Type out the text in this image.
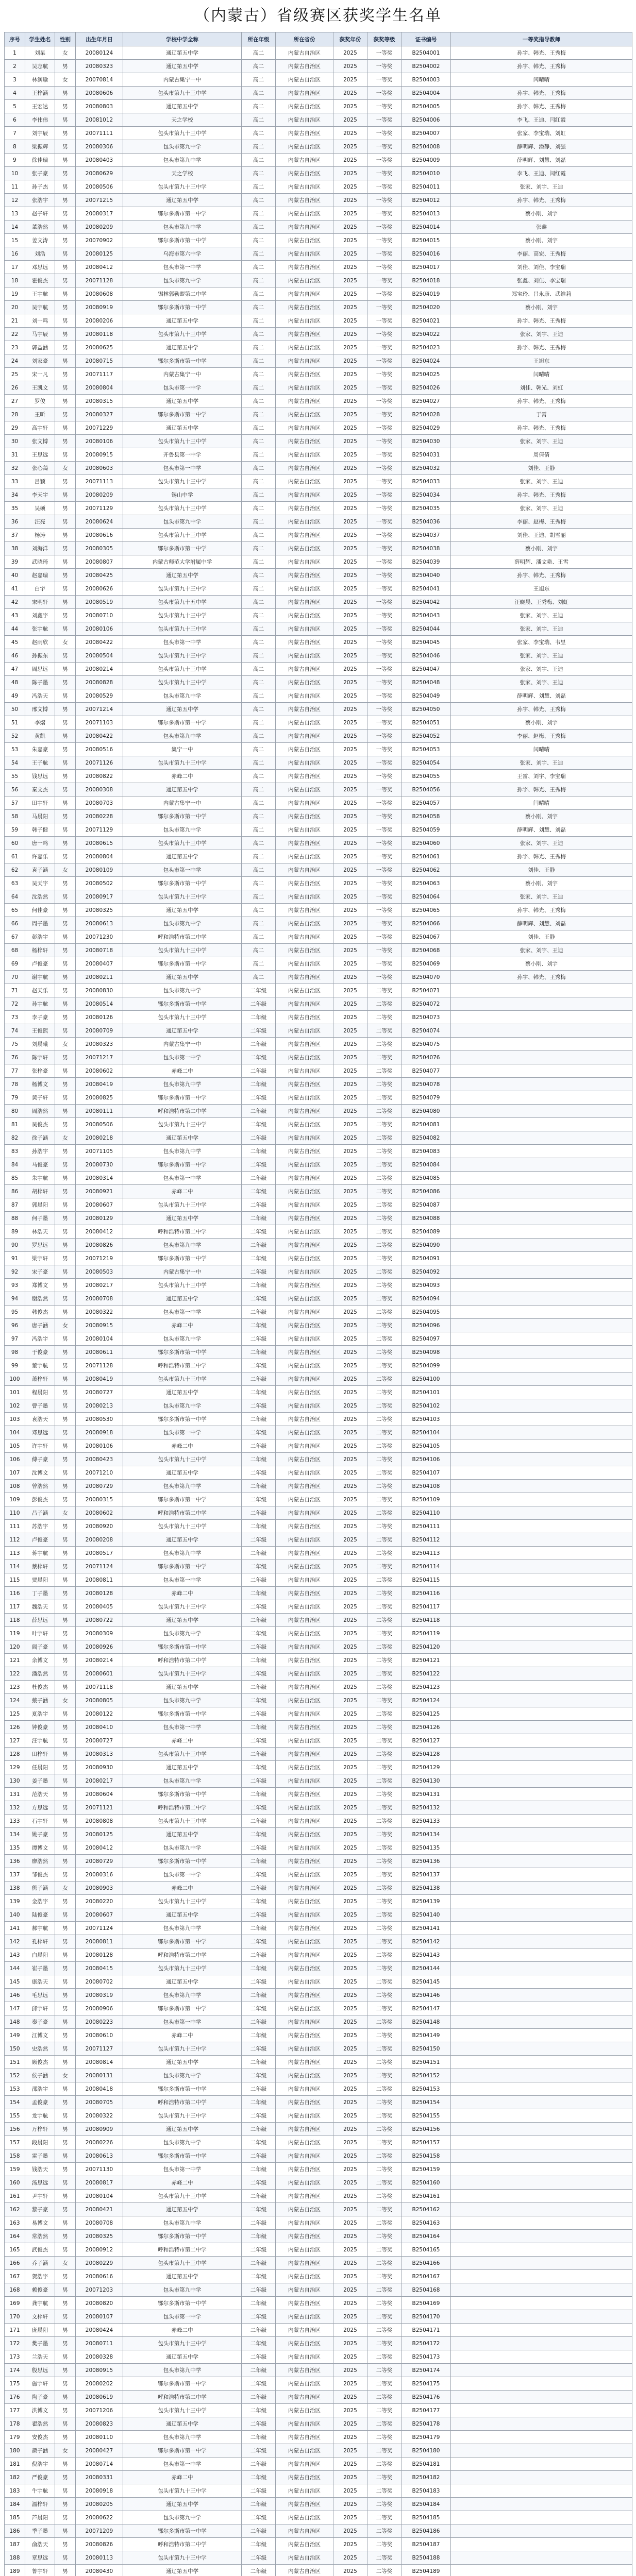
（内蒙古）省级赛区获奖学生名单
序号	学生姓名	性别	出生年月日	学校中学全称	所在年级	所在省份	获奖年份	获奖等级	证书编号	一等奖指导教师
1	刘杲	女	20080124	通辽第五中学	高二	内蒙古自治区	2025	一等奖	B2504001	孙宇、韩光、王秀梅
2	吴志航	男	20080323	通辽第五中学	高二	内蒙古自治区	2025	一等奖	B2504002	孙宇、韩光、王秀梅
3	林润瑜	女	20070814	内蒙古集宁一中	高二	内蒙古自治区	2025	一等奖	B2504003	闫晴晴
4	王梓涵	男	20080606	包头市第九十三中学	高二	内蒙古自治区	2025	一等奖	B2504004	孙宇、韩光、王秀梅
5	王宏达	男	20080803	通辽第五中学	高二	内蒙古自治区	2025	一等奖	B2504005	孙宇、韩光、王秀梅
6	李伟伟	男	20081012	天之学校	高二	内蒙古自治区	2025	一等奖	B2504006	李飞、王迪、闫红霞
7	刘宇辰	男	20071111	包头市第九十三中学	高二	内蒙古自治区	2025	一等奖	B2504007	张家、李宝瑞、刘虹
8	梁振辉	男	20080306	包头市第九中学	高二	内蒙古自治区	2025	一等奖	B2504008	薛明辉、潘静、刘强
9	徐佳瑞	男	20080403	包头市第九中学	高二	内蒙古自治区	2025	一等奖	B2504009	薛明辉、刘慧、刘磊
10	张子豪	男	20080629	天之学校	高二	内蒙古自治区	2025	一等奖	B2504010	李飞、王迪、闫红霞
11	孙子杰	男	20080506	包头市第九十三中学	高二	内蒙古自治区	2025	一等奖	B2504011	张家、刘宇、王迪
12	张浩宇	男	20071215	通辽第五中学	高二	内蒙古自治区	2025	一等奖	B2504012	孙宇、韩光、王秀梅
13	赵子轩	男	20080317	鄂尔多斯市第一中学	高二	内蒙古自治区	2025	一等奖	B2504013	蔡小刚、刘宇
14	董浩然	男	20080209	包头市第九中学	高二	内蒙古自治区	2025	一等奖	B2504014	张鑫
15	姜文涛	男	20070902	鄂尔多斯市第一中学	高二	内蒙古自治区	2025	一等奖	B2504015	蔡小刚、刘宇
16	刘浩	男	20080125	乌海市第六中学	高二	内蒙古自治区	2025	一等奖	B2504016	李丽、高宏、王秀梅
17	邓思远	男	20080412	包头市第一中学	高二	内蒙古自治区	2025	一等奖	B2504017	刘佳、刘佳、李宝瑞
18	霍俊杰	男	20071128	包头市第九中学	高二	内蒙古自治区	2025	一等奖	B2504018	张鑫、刘佳、李宝瑞
19	王宇航	男	20080608	锡林郭勒盟第二中学	高二	内蒙古自治区	2025	一等奖	B2504019	郑宝玲、吕永康、武维莉
20	吴宇航	男	20080919	鄂尔多斯市第一中学	高二	内蒙古自治区	2025	一等奖	B2504020	蔡小刚、刘宇
21	刘一鸣	男	20080206	通辽第五中学	高二	内蒙古自治区	2025	一等奖	B2504021	孙宇、韩光、王秀梅
22	马宇辰	男	20080118	包头市第九十三中学	高二	内蒙古自治区	2025	一等奖	B2504022	张家、刘宇、王迪
23	郭益涵	男	20080625	通辽第五中学	高二	内蒙古自治区	2025	一等奖	B2504023	孙宇、韩光、王秀梅
24	刘家豪	男	20080715	鄂尔多斯市第一中学	高二	内蒙古自治区	2025	一等奖	B2504024	王旭东
25	宋一凡	男	20071117	内蒙古集宁一中	高二	内蒙古自治区	2025	一等奖	B2504025	闫晴晴
26	王凯文	男	20080804	包头市第一中学	高二	内蒙古自治区	2025	一等奖	B2504026	刘佳、韩光、刘虹
27	罗俊	男	20080315	通辽第五中学	高二	内蒙古自治区	2025	一等奖	B2504027	孙宇、韩光、王秀梅
28	王昕	男	20080327	鄂尔多斯市第一中学	高二	内蒙古自治区	2025	一等奖	B2504028	于霄
29	高宇轩	男	20071229	通辽第五中学	高二	内蒙古自治区	2025	一等奖	B2504029	孙宇、韩光、王秀梅
30	张文博	男	20080106	包头市第九十三中学	高二	内蒙古自治区	2025	一等奖	B2504030	张家、刘宇、王迪
31	王思远	男	20080915	开鲁县第一中学	高二	内蒙古自治区	2025	一等奖	B2504031	周倩倩
32	张心蔼	女	20080603	包头市第一中学	高二	内蒙古自治区	2025	一等奖	B2504032	刘佳、王静
33	吕颖	男	20071113	包头市第九十三中学	高二	内蒙古自治区	2025	一等奖	B2504033	张家、刘宇、王迪
34	李天宇	男	20080209	锡山中学	高二	内蒙古自治区	2025	一等奖	B2504034	孙宇、韩光、王秀梅
35	吴硕	男	20071129	包头市第九十三中学	高二	内蒙古自治区	2025	一等奖	B2504035	张家、刘宇、王迪
36	汪亮	男	20080624	包头市第九中学	高二	内蒙古自治区	2025	一等奖	B2504036	李丽、赵梅、王秀梅
37	杨涛	男	20080616	包头市第九十三中学	高二	内蒙古自治区	2025	一等奖	B2504037	刘佳、王迪、胡雪丽
38	刘海洋	男	20080305	鄂尔多斯市第一中学	高二	内蒙古自治区	2025	一等奖	B2504038	蔡小刚、刘宇
39	武晓琦	男	20080807	内蒙古师范大学附属中学	高二	内蒙古自治区	2025	一等奖	B2504039	薛明辉、潘文艳、王雪
40	赵嘉瑞	男	20080425	通辽第五中学	高二	内蒙古自治区	2025	一等奖	B2504040	孙宇、韩光、王秀梅
41	白宇	男	20080626	包头市第九十三中学	高二	内蒙古自治区	2025	一等奖	B2504041	王旭东
42	宋明轩	男	20080519	包头市第九十五中学	高二	内蒙古自治区	2025	一等奖	B2504042	汪晓晨、王秀梅、刘虹
43	刘鑫宇	男	20080710	包头市第九十三中学	高二	内蒙古自治区	2025	一等奖	B2504043	张家、刘宇、王迪
44	张宇航	男	20080106	包头市第九十三中学	高二	内蒙古自治区	2025	一等奖	B2504044	张家、刘宇、王迪
45	赵雨欣	女	20080422	包头市第一中学	高二	内蒙古自治区	2025	一等奖	B2504045	张家、李宝瑞、韦昱
46	孙振东	男	20080504	包头市第九十三中学	高二	内蒙古自治区	2025	一等奖	B2504046	张家、刘宇、王迪
47	周思远	男	20080214	包头市第九十三中学	高二	内蒙古自治区	2025	一等奖	B2504047	张家、刘宇、王迪
48	陈子墨	男	20080828	包头市第九十三中学	高二	内蒙古自治区	2025	一等奖	B2504048	张家、刘宇、王迪
49	冯浩天	男	20080529	包头市第九中学	高二	内蒙古自治区	2025	一等奖	B2504049	薛明辉、刘慧、刘磊
50	邢文博	男	20071214	通辽第五中学	高二	内蒙古自治区	2025	一等奖	B2504050	孙宇、韩光、王秀梅
51	李熠	男	20071103	鄂尔多斯市第一中学	高二	内蒙古自治区	2025	一等奖	B2504051	蔡小刚、刘宇
52	黄凯	男	20080422	包头市第九中学	高二	内蒙古自治区	2025	一等奖	B2504052	李丽、赵梅、王秀梅
53	朱嘉豪	男	20080516	集宁一中	高二	内蒙古自治区	2025	一等奖	B2504053	闫晴晴
54	王子航	男	20071126	包头市第九十三中学	高二	内蒙古自治区	2025	一等奖	B2504054	张家、刘宇、王迪
55	钱思远	男	20080822	赤峰二中	高二	内蒙古自治区	2025	一等奖	B2504055	王雷、刘宇、李宝瑞
56	秦文杰	男	20080308	通辽第五中学	高二	内蒙古自治区	2025	一等奖	B2504056	孙宇、韩光、王秀梅
57	田宇轩	男	20080703	内蒙古集宁一中	高二	内蒙古自治区	2025	一等奖	B2504057	闫晴晴
58	马晨阳	男	20080228	鄂尔多斯市第一中学	高二	内蒙古自治区	2025	一等奖	B2504058	蔡小刚、刘宇
59	韩子健	男	20071129	包头市第九中学	高二	内蒙古自治区	2025	一等奖	B2504059	薛明辉、刘慧、刘磊
60	唐一鸣	男	20080615	包头市第九十三中学	高二	内蒙古自治区	2025	一等奖	B2504060	张家、刘宇、王迪
61	许嘉乐	男	20080804	通辽第五中学	高二	内蒙古自治区	2025	一等奖	B2504061	孙宇、韩光、王秀梅
62	袁子涵	女	20080109	包头市第一中学	高二	内蒙古自治区	2025	一等奖	B2504062	刘佳、王静
63	吴天宇	男	20080502	鄂尔多斯市第一中学	高二	内蒙古自治区	2025	一等奖	B2504063	蔡小刚、刘宇
64	沈浩然	男	20080917	包头市第九十三中学	高二	内蒙古自治区	2025	一等奖	B2504064	张家、刘宇、王迪
65	何佳豪	男	20080325	通辽第五中学	高二	内蒙古自治区	2025	一等奖	B2504065	孙宇、韩光、王秀梅
66	周子墨	男	20080613	包头市第九中学	高二	内蒙古自治区	2025	一等奖	B2504066	薛明辉、刘慧、刘磊
67	彭浩宇	男	20071230	呼和浩特市第二中学	高二	内蒙古自治区	2025	一等奖	B2504067	刘佳、王静
68	杨梓轩	男	20080718	包头市第九十三中学	高二	内蒙古自治区	2025	一等奖	B2504068	张家、刘宇、王迪
69	卢俊豪	男	20080407	鄂尔多斯市第一中学	高二	内蒙古自治区	2025	一等奖	B2504069	蔡小刚、刘宇
70	谢宇航	男	20080211	通辽第五中学	高二	内蒙古自治区	2025	一等奖	B2504070	孙宇、韩光、王秀梅
71	赵天乐	男	20080830	包头市第九中学	二年级	内蒙古自治区	2025	二等奖	B2504071	
72	孙宇航	男	20080514	鄂尔多斯市第一中学	二年级	内蒙古自治区	2025	二等奖	B2504072	
73	李子豪	男	20080126	包头市第九十三中学	二年级	内蒙古自治区	2025	二等奖	B2504073	
74	王俊熙	男	20080709	通辽第五中学	二年级	内蒙古自治区	2025	二等奖	B2504074	
75	刘晨曦	女	20080323	内蒙古集宁一中	二年级	内蒙古自治区	2025	二等奖	B2504075	
76	陈宇轩	男	20071217	包头市第一中学	二年级	内蒙古自治区	2025	二等奖	B2504076	
77	张梓豪	男	20080602	赤峰二中	二年级	内蒙古自治区	2025	二等奖	B2504077	
78	杨博文	男	20080419	包头市第九中学	二年级	内蒙古自治区	2025	二等奖	B2504078	
79	黄子轩	男	20080825	鄂尔多斯市第一中学	二年级	内蒙古自治区	2025	二等奖	B2504079	
80	周浩然	男	20080111	呼和浩特市第二中学	二年级	内蒙古自治区	2025	二等奖	B2504080	
81	吴俊杰	男	20080506	包头市第九十三中学	二年级	内蒙古自治区	2025	二等奖	B2504081	
82	徐子涵	女	20080218	通辽第五中学	二年级	内蒙古自治区	2025	二等奖	B2504082	
83	孙浩宇	男	20071105	包头市第九中学	二年级	内蒙古自治区	2025	二等奖	B2504083	
84	马俊豪	男	20080730	鄂尔多斯市第一中学	二年级	内蒙古自治区	2025	二等奖	B2504084	
85	朱宇航	男	20080314	包头市第一中学	二年级	内蒙古自治区	2025	二等奖	B2504085	
86	胡梓轩	男	20080921	赤峰二中	二年级	内蒙古自治区	2025	二等奖	B2504086	
87	郭晨阳	男	20080607	包头市第九十三中学	二年级	内蒙古自治区	2025	二等奖	B2504087	
88	何子墨	男	20080129	通辽第五中学	二年级	内蒙古自治区	2025	二等奖	B2504088	
89	林浩天	男	20080412	呼和浩特市第二中学	二年级	内蒙古自治区	2025	二等奖	B2504089	
90	罗思远	男	20080826	包头市第九中学	二年级	内蒙古自治区	2025	二等奖	B2504090	
91	梁宇轩	男	20071219	鄂尔多斯市第一中学	二年级	内蒙古自治区	2025	二等奖	B2504091	
92	宋子豪	男	20080503	内蒙古集宁一中	二年级	内蒙古自治区	2025	二等奖	B2504092	
93	郑博文	男	20080217	包头市第九十三中学	二年级	内蒙古自治区	2025	二等奖	B2504093	
94	谢浩然	男	20080708	通辽第五中学	二年级	内蒙古自治区	2025	二等奖	B2504094	
95	韩俊杰	男	20080322	包头市第一中学	二年级	内蒙古自治区	2025	二等奖	B2504095	
96	唐子涵	女	20080915	赤峰二中	二年级	内蒙古自治区	2025	二等奖	B2504096	
97	冯浩宇	男	20080104	包头市第九中学	二年级	内蒙古自治区	2025	二等奖	B2504097	
98	于俊豪	男	20080611	鄂尔多斯市第一中学	二年级	内蒙古自治区	2025	二等奖	B2504098	
99	董宇航	男	20071128	呼和浩特市第二中学	二年级	内蒙古自治区	2025	二等奖	B2504099	
100	萧梓轩	男	20080419	包头市第九十三中学	二年级	内蒙古自治区	2025	二等奖	B2504100	
101	程晨阳	男	20080727	通辽第五中学	二年级	内蒙古自治区	2025	二等奖	B2504101	
102	曹子墨	男	20080213	包头市第九中学	二年级	内蒙古自治区	2025	二等奖	B2504102	
103	袁浩天	男	20080530	鄂尔多斯市第一中学	二年级	内蒙古自治区	2025	二等奖	B2504103	
104	邓思远	男	20080918	包头市第一中学	二年级	内蒙古自治区	2025	二等奖	B2504104	
105	许宇轩	男	20080106	赤峰二中	二年级	内蒙古自治区	2025	二等奖	B2504105	
106	傅子豪	男	20080423	包头市第九十三中学	二年级	内蒙古自治区	2025	二等奖	B2504106	
107	沈博文	男	20071210	通辽第五中学	二年级	内蒙古自治区	2025	二等奖	B2504107	
108	曾浩然	男	20080729	包头市第九中学	二年级	内蒙古自治区	2025	二等奖	B2504108	
109	彭俊杰	男	20080315	鄂尔多斯市第一中学	二年级	内蒙古自治区	2025	二等奖	B2504109	
110	吕子涵	女	20080602	呼和浩特市第二中学	二年级	内蒙古自治区	2025	二等奖	B2504110	
111	苏浩宇	男	20080920	包头市第九十三中学	二年级	内蒙古自治区	2025	二等奖	B2504111	
112	卢俊豪	男	20080208	通辽第五中学	二年级	内蒙古自治区	2025	二等奖	B2504112	
113	蒋宇航	男	20080517	包头市第九中学	二年级	内蒙古自治区	2025	二等奖	B2504113	
114	蔡梓轩	男	20071124	鄂尔多斯市第一中学	二年级	内蒙古自治区	2025	二等奖	B2504114	
115	贾晨阳	男	20080811	包头市第一中学	二年级	内蒙古自治区	2025	二等奖	B2504115	
116	丁子墨	男	20080128	赤峰二中	二年级	内蒙古自治区	2025	二等奖	B2504116	
117	魏浩天	男	20080405	包头市第九十三中学	二年级	内蒙古自治区	2025	二等奖	B2504117	
118	薛思远	男	20080722	通辽第五中学	二年级	内蒙古自治区	2025	二等奖	B2504118	
119	叶宇轩	男	20080309	包头市第九中学	二年级	内蒙古自治区	2025	二等奖	B2504119	
120	阎子豪	男	20080926	鄂尔多斯市第一中学	二年级	内蒙古自治区	2025	二等奖	B2504120	
121	余博文	男	20080214	呼和浩特市第二中学	二年级	内蒙古自治区	2025	二等奖	B2504121	
122	潘浩然	男	20080601	包头市第九十三中学	二年级	内蒙古自治区	2025	二等奖	B2504122	
123	杜俊杰	男	20071118	通辽第五中学	二年级	内蒙古自治区	2025	二等奖	B2504123	
124	戴子涵	女	20080805	包头市第九中学	二年级	内蒙古自治区	2025	二等奖	B2504124	
125	夏浩宇	男	20080122	鄂尔多斯市第一中学	二年级	内蒙古自治区	2025	二等奖	B2504125	
126	钟俊豪	男	20080410	包头市第一中学	二年级	内蒙古自治区	2025	二等奖	B2504126	
127	汪宇航	男	20080727	赤峰二中	二年级	内蒙古自治区	2025	二等奖	B2504127	
128	田梓轩	男	20080313	包头市第九十三中学	二年级	内蒙古自治区	2025	二等奖	B2504128	
129	任晨阳	男	20080930	通辽第五中学	二年级	内蒙古自治区	2025	二等奖	B2504129	
130	姜子墨	男	20080217	包头市第九中学	二年级	内蒙古自治区	2025	二等奖	B2504130	
131	范浩天	男	20080604	鄂尔多斯市第一中学	二年级	内蒙古自治区	2025	二等奖	B2504131	
132	方思远	男	20071121	呼和浩特市第二中学	二年级	内蒙古自治区	2025	二等奖	B2504132	
133	石宇轩	男	20080808	包头市第九十三中学	二年级	内蒙古自治区	2025	二等奖	B2504133	
134	姚子豪	男	20080125	通辽第五中学	二年级	内蒙古自治区	2025	二等奖	B2504134	
135	谭博文	男	20080412	包头市第九中学	二年级	内蒙古自治区	2025	二等奖	B2504135	
136	廖浩然	男	20080729	鄂尔多斯市第一中学	二年级	内蒙古自治区	2025	二等奖	B2504136	
137	邹俊杰	男	20080316	包头市第一中学	二年级	内蒙古自治区	2025	二等奖	B2504137	
138	熊子涵	女	20080903	赤峰二中	二年级	内蒙古自治区	2025	二等奖	B2504138	
139	金浩宇	男	20080220	包头市第九十三中学	二年级	内蒙古自治区	2025	二等奖	B2504139	
140	陆俊豪	男	20080607	通辽第五中学	二年级	内蒙古自治区	2025	二等奖	B2504140	
141	郝宇航	男	20071124	包头市第九中学	二年级	内蒙古自治区	2025	二等奖	B2504141	
142	孔梓轩	男	20080811	鄂尔多斯市第一中学	二年级	内蒙古自治区	2025	二等奖	B2504142	
143	白晨阳	男	20080128	呼和浩特市第二中学	二年级	内蒙古自治区	2025	二等奖	B2504143	
144	崔子墨	男	20080415	包头市第九十三中学	二年级	内蒙古自治区	2025	二等奖	B2504144	
145	康浩天	男	20080702	通辽第五中学	二年级	内蒙古自治区	2025	二等奖	B2504145	
146	毛思远	男	20080319	包头市第九中学	二年级	内蒙古自治区	2025	二等奖	B2504146	
147	邱宇轩	男	20080906	鄂尔多斯市第一中学	二年级	内蒙古自治区	2025	二等奖	B2504147	
148	秦子豪	男	20080223	包头市第一中学	二年级	内蒙古自治区	2025	二等奖	B2504148	
149	江博文	男	20080610	赤峰二中	二年级	内蒙古自治区	2025	二等奖	B2504149	
150	史浩然	男	20071127	包头市第九十三中学	二年级	内蒙古自治区	2025	二等奖	B2504150	
151	顾俊杰	男	20080814	通辽第五中学	二年级	内蒙古自治区	2025	二等奖	B2504151	
152	侯子涵	女	20080131	包头市第九中学	二年级	内蒙古自治区	2025	二等奖	B2504152	
153	邵浩宇	男	20080418	鄂尔多斯市第一中学	二年级	内蒙古自治区	2025	二等奖	B2504153	
154	孟俊豪	男	20080705	呼和浩特市第二中学	二年级	内蒙古自治区	2025	二等奖	B2504154	
155	龙宇航	男	20080322	包头市第九十三中学	二年级	内蒙古自治区	2025	二等奖	B2504155	
156	万梓轩	男	20080909	通辽第五中学	二年级	内蒙古自治区	2025	二等奖	B2504156	
157	段晨阳	男	20080226	包头市第九中学	二年级	内蒙古自治区	2025	二等奖	B2504157	
158	雷子墨	男	20080613	鄂尔多斯市第一中学	二年级	内蒙古自治区	2025	二等奖	B2504158	
159	钱浩天	男	20071130	包头市第一中学	二年级	内蒙古自治区	2025	二等奖	B2504159	
160	汤思远	男	20080817	赤峰二中	二年级	内蒙古自治区	2025	二等奖	B2504160	
161	尹宇轩	男	20080104	包头市第九十三中学	二年级	内蒙古自治区	2025	二等奖	B2504161	
162	黎子豪	男	20080421	通辽第五中学	二年级	内蒙古自治区	2025	二等奖	B2504162	
163	易博文	男	20080708	包头市第九中学	二年级	内蒙古自治区	2025	二等奖	B2504163	
164	常浩然	男	20080325	鄂尔多斯市第一中学	二年级	内蒙古自治区	2025	二等奖	B2504164	
165	武俊杰	男	20080912	呼和浩特市第二中学	二年级	内蒙古自治区	2025	二等奖	B2504165	
166	乔子涵	女	20080229	包头市第九十三中学	二年级	内蒙古自治区	2025	二等奖	B2504166	
167	贺浩宇	男	20080616	通辽第五中学	二年级	内蒙古自治区	2025	二等奖	B2504167	
168	赖俊豪	男	20071203	包头市第九中学	二年级	内蒙古自治区	2025	二等奖	B2504168	
169	龚宇航	男	20080820	鄂尔多斯市第一中学	二年级	内蒙古自治区	2025	二等奖	B2504169	
170	文梓轩	男	20080107	包头市第一中学	二年级	内蒙古自治区	2025	二等奖	B2504170	
171	庞晨阳	男	20080424	赤峰二中	二年级	内蒙古自治区	2025	二等奖	B2504171	
172	樊子墨	男	20080711	包头市第九十三中学	二年级	内蒙古自治区	2025	二等奖	B2504172	
173	兰浩天	男	20080328	通辽第五中学	二年级	内蒙古自治区	2025	二等奖	B2504173	
174	殷思远	男	20080915	包头市第九中学	二年级	内蒙古自治区	2025	二等奖	B2504174	
175	施宇轩	男	20080202	鄂尔多斯市第一中学	二年级	内蒙古自治区	2025	二等奖	B2504175	
176	陶子豪	男	20080619	呼和浩特市第二中学	二年级	内蒙古自治区	2025	二等奖	B2504176	
177	洪博文	男	20071206	包头市第九十三中学	二年级	内蒙古自治区	2025	二等奖	B2504177	
178	翟浩然	男	20080823	通辽第五中学	二年级	内蒙古自治区	2025	二等奖	B2504178	
179	安俊杰	男	20080110	包头市第九中学	二年级	内蒙古自治区	2025	二等奖	B2504179	
180	颜子涵	女	20080427	鄂尔多斯市第一中学	二年级	内蒙古自治区	2025	二等奖	B2504180	
181	倪浩宇	男	20080714	包头市第一中学	二年级	内蒙古自治区	2025	二等奖	B2504181	
182	严俊豪	男	20080331	赤峰二中	二年级	内蒙古自治区	2025	二等奖	B2504182	
183	牛宇航	男	20080918	包头市第九十三中学	二年级	内蒙古自治区	2025	二等奖	B2504183	
184	温梓轩	男	20080205	通辽第五中学	二年级	内蒙古自治区	2025	二等奖	B2504184	
185	芦晨阳	男	20080622	包头市第九中学	二年级	内蒙古自治区	2025	二等奖	B2504185	
186	季子墨	男	20071209	鄂尔多斯市第一中学	二年级	内蒙古自治区	2025	二等奖	B2504186	
187	俞浩天	男	20080826	呼和浩特市第二中学	二年级	内蒙古自治区	2025	二等奖	B2504187	
188	章思远	男	20080113	包头市第九十三中学	二年级	内蒙古自治区	2025	二等奖	B2504188	
189	鲁宇轩	男	20080430	通辽第五中学	二年级	内蒙古自治区	2025	二等奖	B2504189	
